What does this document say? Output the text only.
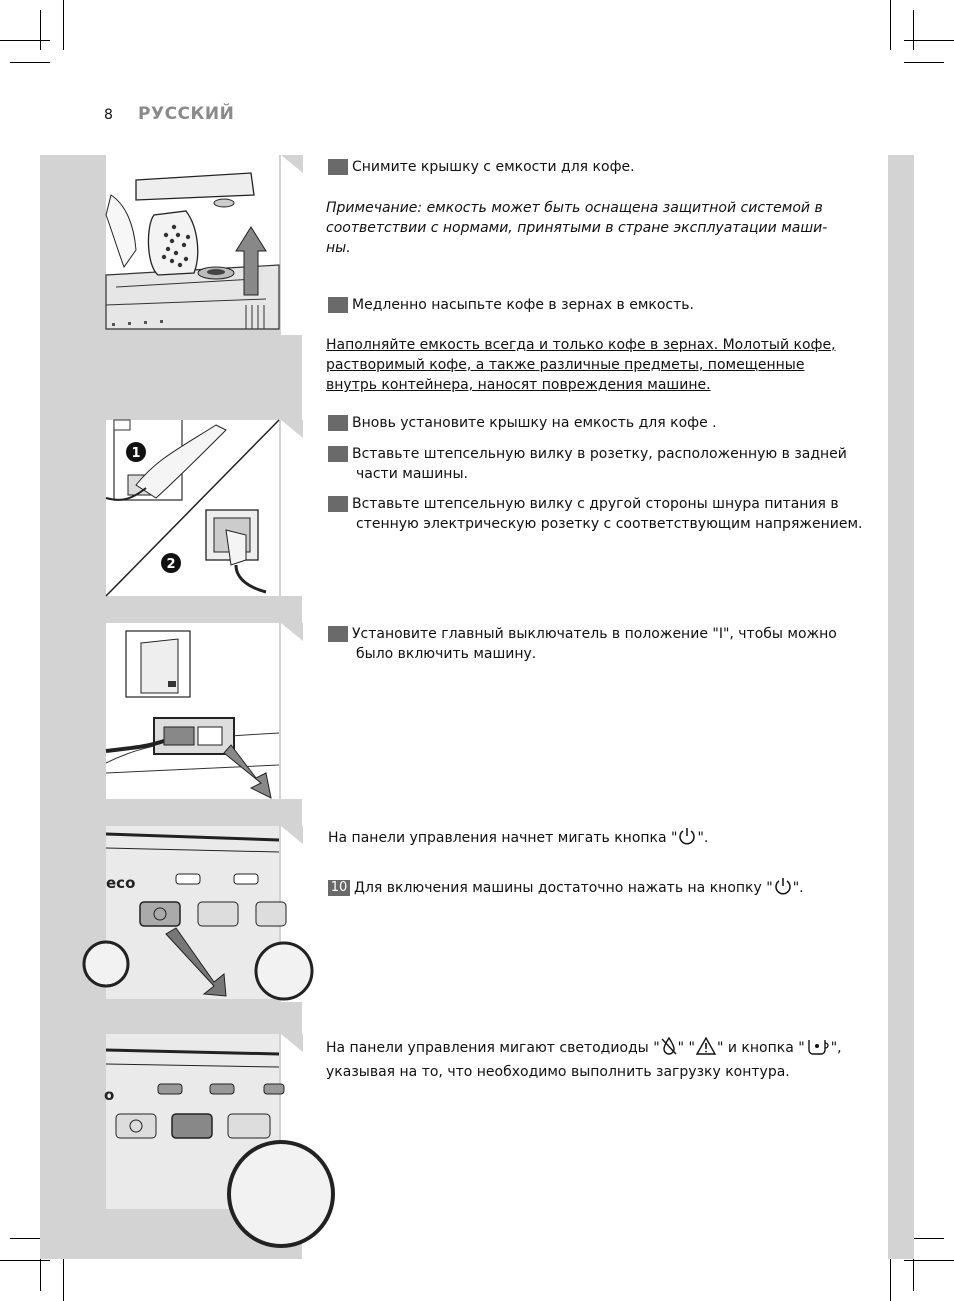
8 РУССКИЙ
1
2
eco
o
4 Снимите крышку с емкости для кофе.
Примечание: емкость может быть оснащена защитной системой в соответствии с нормами, принятыми в стране эксплуатации маши-ны.
5 Медленно насыпьте кофе в зернах в емкость.
Наполняйте емкость всегда и только кофе в зернах. Молотый кофе, растворимый кофе, а также различные предметы, помещенные внутрь контейнера, наносят повреждения машине.
6 Вновь установите крышку на емкость для кофе .
7 Вставьте штепсельную вилку в розетку, расположенную в задней части машины.
8 Вставьте штепсельную вилку с другой стороны шнура питания в стенную электрическую розетку с соответствующим напряжением.
9 Установите главный выключатель в положение "I", чтобы можно было включить машину.
На панели управления начнет мигать кнопка " ".
10 Для включения машины достаточно нажать на кнопку " ".
На панели управления мигают светодиоды " " " " и кнопка " ", указывая на то, что необходимо выполнить загрузку контура.
